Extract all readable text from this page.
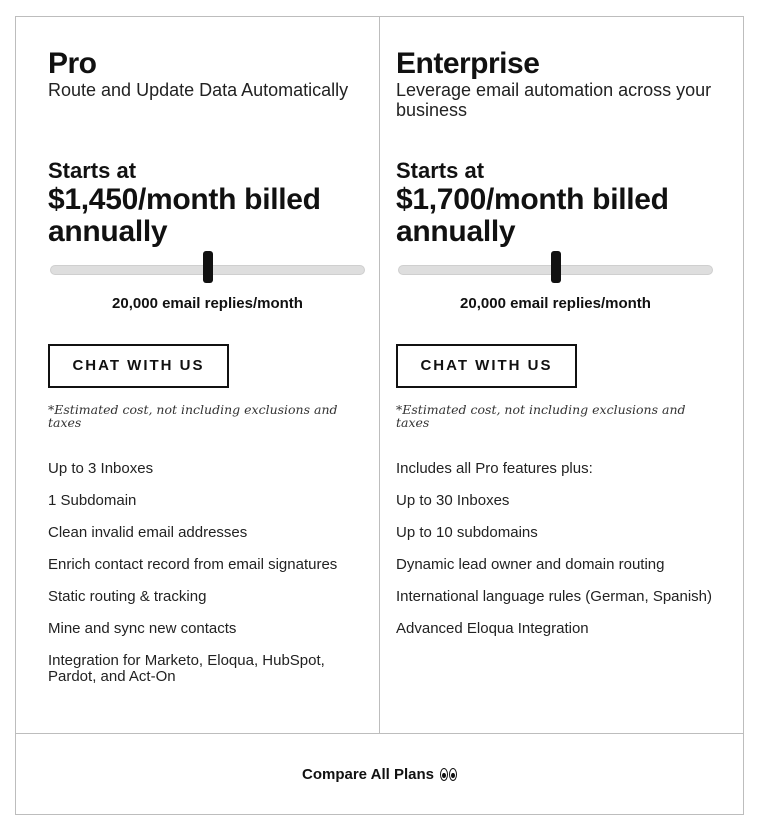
Pro
Route and Update Data Automatically
Starts at
$1,450/month billed annually
20,000 email replies/month
CHAT WITH US
*Estimated cost, not including exclusions and taxes
Up to 3 Inboxes
1 Subdomain
Clean invalid email addresses
Enrich contact record from email signatures
Static routing & tracking
Mine and sync new contacts
Integration for Marketo, Eloqua, HubSpot, Pardot, and Act-On
Enterprise
Leverage email automation across your business
Starts at
$1,700/month billed annually
20,000 email replies/month
CHAT WITH US
*Estimated cost, not including exclusions and taxes
Includes all Pro features plus:
Up to 30 Inboxes
Up to 10 subdomains
Dynamic lead owner and domain routing
International language rules (German, Spanish)
Advanced Eloqua Integration
Compare All Plans
